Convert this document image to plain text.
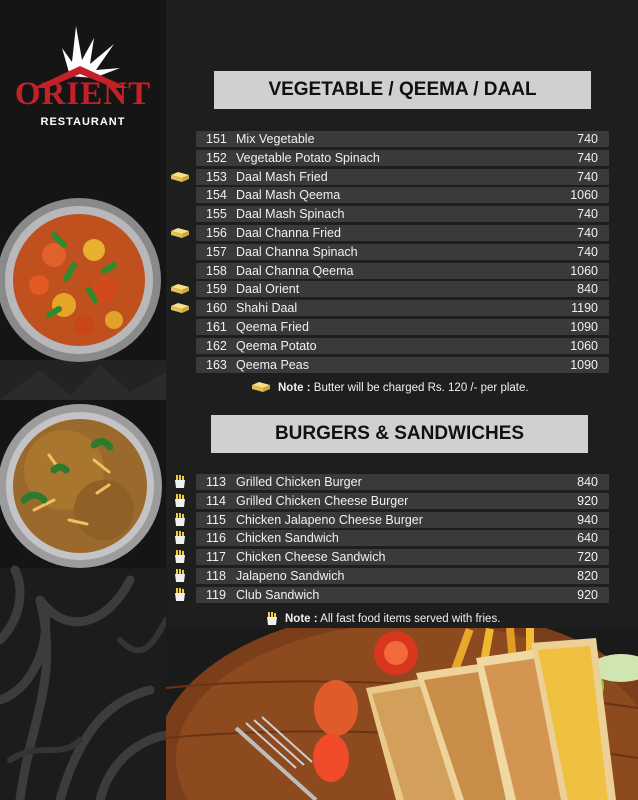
ORIENT
RESTAURANT
VEGETABLE / QEEMA / DAAL
151 Mix Vegetable	740
152 Vegetable Potato Spinach	740
153 Daal Mash Fried	740
154 Daal Mash Qeema	1060
155 Daal Mash Spinach	740
156 Daal Channa Fried	740
157 Daal Channa Spinach	740
158 Daal Channa Qeema	1060
159 Daal Orient	840
160 Shahi Daal	1190
161 Qeema Fried	1090
162 Qeema Potato	1060
163 Qeema Peas	1090
Note : Butter will be charged Rs. 120 /- per plate.
BURGERS & SANDWICHES
113 Grilled Chicken Burger	840
114 Grilled Chicken Cheese Burger	920
115 Chicken Jalapeno Cheese Burger	940
116 Chicken Sandwich	640
117 Chicken Cheese Sandwich	720
118 Jalapeno Sandwich	820
119 Club Sandwich	920
Note : All fast food items served with fries.
